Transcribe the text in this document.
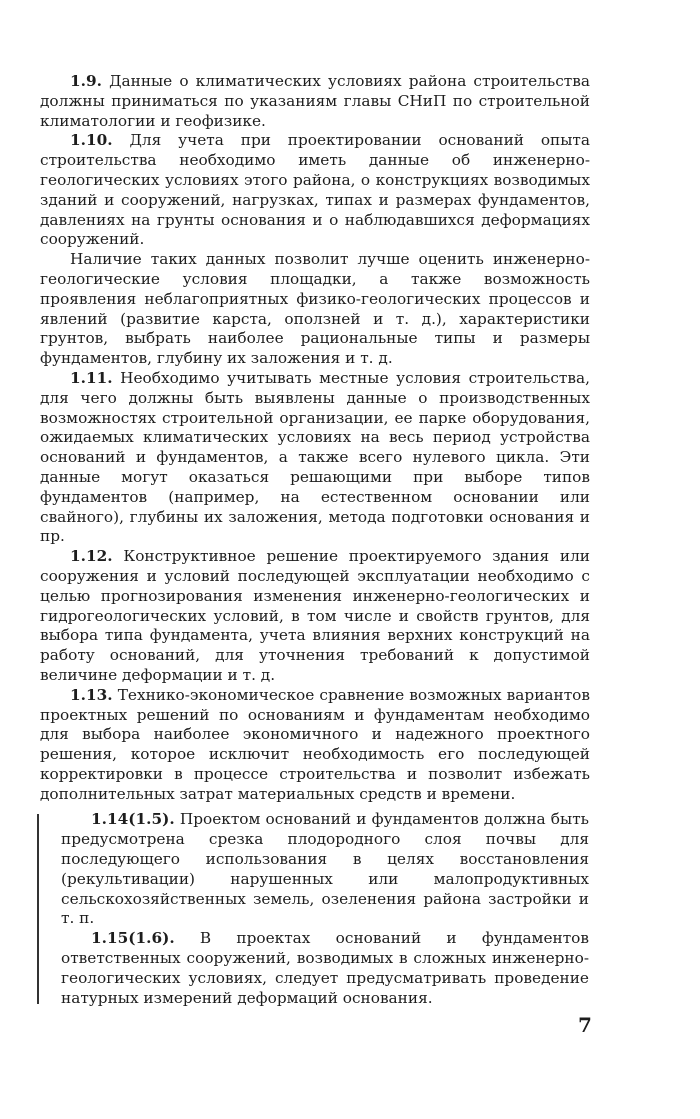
1.9. Данные о климатических условиях района строительства должны приниматься по указаниям главы СНиП по строительной климатологии и геофизике.

1.10. Для учета при проектировании оснований опыта строительства необходимо иметь данные об инженерно-геологических условиях этого района, о конструкциях возводимых зданий и сооружений, нагрузках, типах и размерах фундаментов, давлениях на грунты основания и о наблюдавшихся деформациях сооружений.

Наличие таких данных позволит лучше оценить инженерно-геологические условия площадки, а также возможность проявления неблагоприятных физико-геологических процессов и явлений (развитие карста, оползней и т. д.), характеристики грунтов, выбрать наиболее рациональные типы и размеры фундаментов, глубину их заложения и т. д.

1.11. Необходимо учитывать местные условия строительства, для чего должны быть выявлены данные о производственных возможностях строительной организации, ее парке оборудования, ожидаемых климатических условиях на весь период устройства оснований и фундаментов, а также всего нулевого цикла. Эти данные могут оказаться решающими при выборе типов фундаментов (например, на естественном основании или свайного), глубины их заложения, метода подготовки основания и пр.

1.12. Конструктивное решение проектируемого здания или сооружения и условий последующей эксплуатации необходимо с целью прогнозирования изменения инженерно-геологических и гидрогеологических условий, в том числе и свойств грунтов, для выбора типа фундамента, учета влияния верхних конструкций на работу оснований, для уточнения требований к допустимой величине деформации и т. д.

1.13. Технико-экономическое сравнение возможных вариантов проектных решений по основаниям и фундаментам необходимо для выбора наиболее экономичного и надежного проектного решения, которое исключит необходимость его последующей корректировки в процессе строительства и позволит избежать дополнительных затрат материальных средств и времени.

1.14(1.5). Проектом оснований и фундаментов должна быть предусмотрена срезка плодородного слоя почвы для последующего использования в целях восстановления (рекультивации) нарушенных или малопродуктивных сельскохозяйственных земель, озеленения района застройки и т. п.

1.15(1.6). В проектах оснований и фундаментов ответственных сооружений, возводимых в сложных инженерно-геологических условиях, следует предусматривать проведение натурных измерений деформаций основания.

7
